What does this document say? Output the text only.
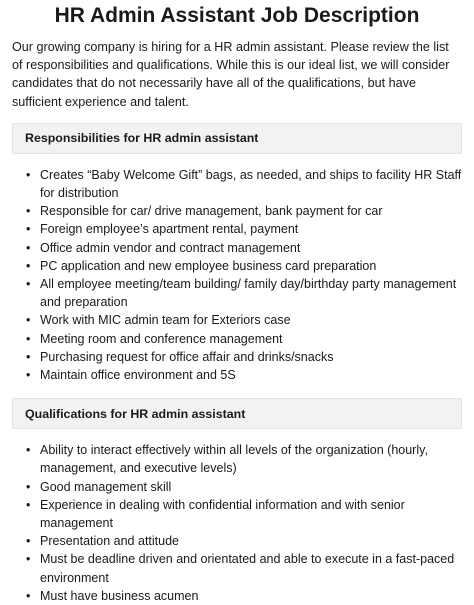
HR Admin Assistant Job Description

Our growing company is hiring for a HR admin assistant. Please review the list of responsibilities and qualifications. While this is our ideal list, we will consider candidates that do not necessarily have all of the qualifications, but have sufficient experience and talent.

Responsibilities for HR admin assistant
• Creates “Baby Welcome Gift” bags, as needed, and ships to facility HR Staff for distribution
• Responsible for car/ drive management, bank payment for car
• Foreign employee’s apartment rental, payment
• Office admin vendor and contract management
• PC application and new employee business card preparation
• All employee meeting/team building/ family day/birthday party management and preparation
• Work with MIC admin team for Exteriors case
• Meeting room and conference management
• Purchasing request for office affair and drinks/snacks
• Maintain office environment and 5S
Qualifications for HR admin assistant
• Ability to interact effectively within all levels of the organization (hourly, management, and executive levels)
• Good management skill
• Experience in dealing with confidential information and with senior management
• Presentation and attitude
• Must be deadline driven and orientated and able to execute in a fast-paced environment
• Must have business acumen
